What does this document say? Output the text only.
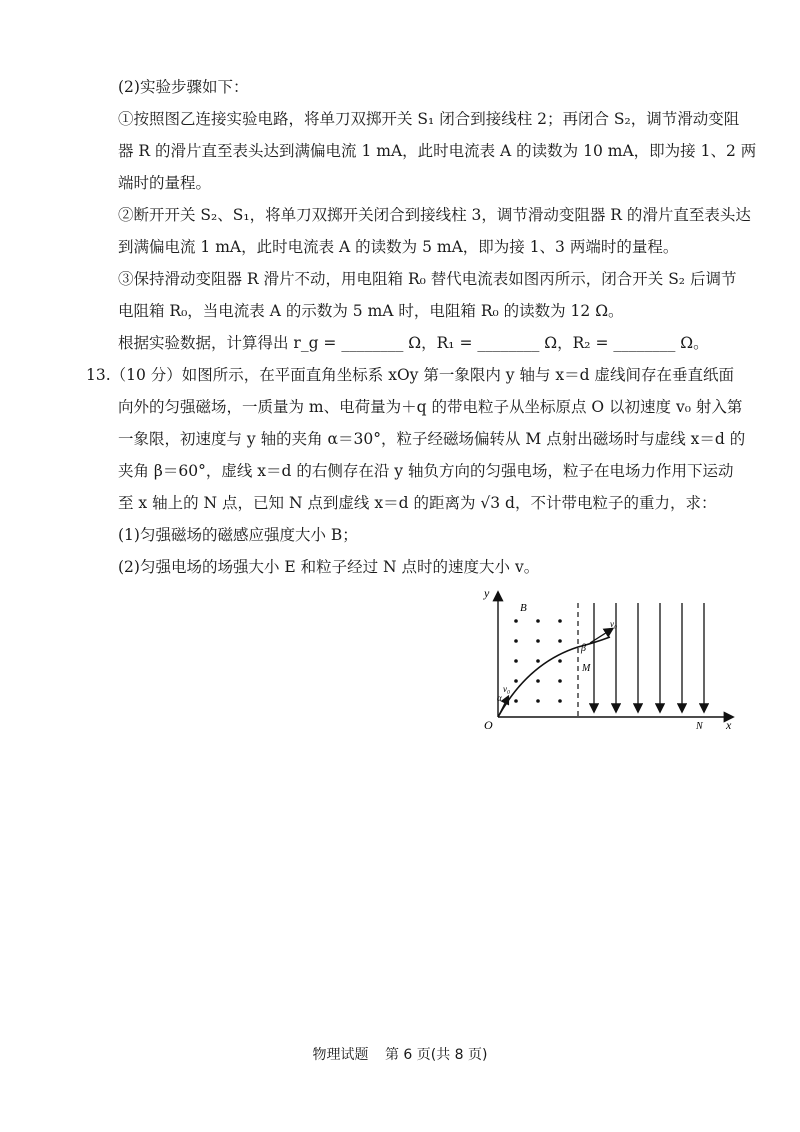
(2)实验步骤如下：
①按照图乙连接实验电路，将单刀双掷开关 S₁ 闭合到接线柱 2；再闭合 S₂，调节滑动变阻
器 R 的滑片直至表头达到满偏电流 1 mA，此时电流表 A 的读数为 10 mA，即为接 1、2 两
端时的量程。
②断开开关 S₂、S₁，将单刀双掷开关闭合到接线柱 3，调节滑动变阻器 R 的滑片直至表头达
到满偏电流 1 mA，此时电流表 A 的读数为 5 mA，即为接 1、3 两端时的量程。
③保持滑动变阻器 R 滑片不动，用电阻箱 R₀ 替代电流表如图丙所示，闭合开关 S₂ 后调节
电阻箱 R₀，当电流表 A 的示数为 5 mA 时，电阻箱 R₀ 的读数为 12 Ω。
根据实验数据，计算得出 r_g = ________ Ω，R₁ = ________ Ω，R₂ = ________ Ω。
13.（10 分）如图所示，在平面直角坐标系 xOy 第一象限内 y 轴与 x＝d 虚线间存在垂直纸面
向外的匀强磁场，一质量为 m、电荷量为＋q 的带电粒子从坐标原点 O 以初速度 v₀ 射入第
一象限，初速度与 y 轴的夹角 α＝30°，粒子经磁场偏转从 M 点射出磁场时与虚线 x＝d 的
夹角 β＝60°，虚线 x＝d 的右侧存在沿 y 轴负方向的匀强电场，粒子在电场力作用下运动
至 x 轴上的 N 点，已知 N 点到虚线 x＝d 的距离为 √3 d，不计带电粒子的重力，求：
(1)匀强磁场的磁感应强度大小 B；
(2)匀强电场的场强大小 E 和粒子经过 N 点时的速度大小 v。
y
x
O
B
v₀
α
β
v₀
M
N
物理试题 第 6 页(共 8 页)
